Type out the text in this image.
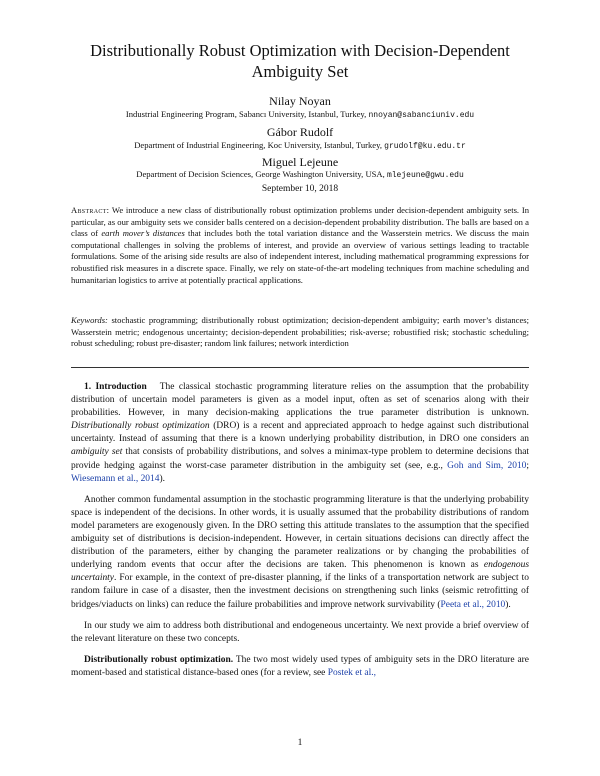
Distributionally Robust Optimization with Decision-Dependent Ambiguity Set
Nilay Noyan
Industrial Engineering Program, Sabancı University, Istanbul, Turkey, nnoyan@sabanciuniv.edu
Gábor Rudolf
Department of Industrial Engineering, Koc University, Istanbul, Turkey, grudolf@ku.edu.tr
Miguel Lejeune
Department of Decision Sciences, George Washington University, USA, mlejeune@gwu.edu
September 10, 2018

Abstract: We introduce a new class of distributionally robust optimization problems under decision-dependent ambiguity sets. In particular, as our ambiguity sets we consider balls centered on a decision-dependent probability distribution. The balls are based on a class of earth mover’s distances that includes both the total variation distance and the Wasserstein metrics. We discuss the main computational challenges in solving the problems of interest, and provide an overview of various settings leading to tractable formulations. Some of the arising side results are also of independent interest, including mathematical programming expressions for robustified risk measures in a discrete space. Finally, we rely on state-of-the-art modeling techniques from machine scheduling and humanitarian logistics to arrive at potentially practical applications.

Keywords: stochastic programming; distributionally robust optimization; decision-dependent ambiguity; earth mover’s distances; Wasserstein metric; endogenous uncertainty; decision-dependent probabilities; risk-averse; robustified risk; stochastic scheduling; robust scheduling; robust pre-disaster; random link failures; network interdiction

1. Introduction The classical stochastic programming literature relies on the assumption that the probability distribution of uncertain model parameters is given as a model input, often as set of scenarios along with their probabilities. However, in many decision-making applications the true parameter distribution is unknown. Distributionally robust optimization (DRO) is a recent and appreciated approach to hedge against such distributional uncertainty. Instead of assuming that there is a known underlying probability distribution, in DRO one considers an ambiguity set that consists of probability distributions, and solves a minimax-type problem to determine decisions that provide hedging against the worst-case parameter distribution in the ambiguity set (see, e.g., Goh and Sim, 2010; Wiesemann et al., 2014).

Another common fundamental assumption in the stochastic programming literature is that the underlying probability space is independent of the decisions. In other words, it is usually assumed that the probability distributions of random model parameters are exogenously given. In the DRO setting this attitude translates to the assumption that the specified ambiguity set of distributions is decision-independent. However, in certain situations decisions can directly affect the distribution of the parameters, either by changing the parameter realizations or by changing the probabilities of underlying random events that occur after the decisions are taken. This phenomenon is known as endogenous uncertainty. For example, in the context of pre-disaster planning, if the links of a transportation network are subject to random failure in case of a disaster, then the investment decisions on strengthening such links (seismic retrofitting of bridges/viaducts on links) can reduce the failure probabilities and improve network survivability (Peeta et al., 2010).

In our study we aim to address both distributional and endogeneous uncertainty. We next provide a brief overview of the relevant literature on these two concepts.

Distributionally robust optimization. The two most widely used types of ambiguity sets in the DRO literature are moment-based and statistical distance-based ones (for a review, see Postek et al.,

1
